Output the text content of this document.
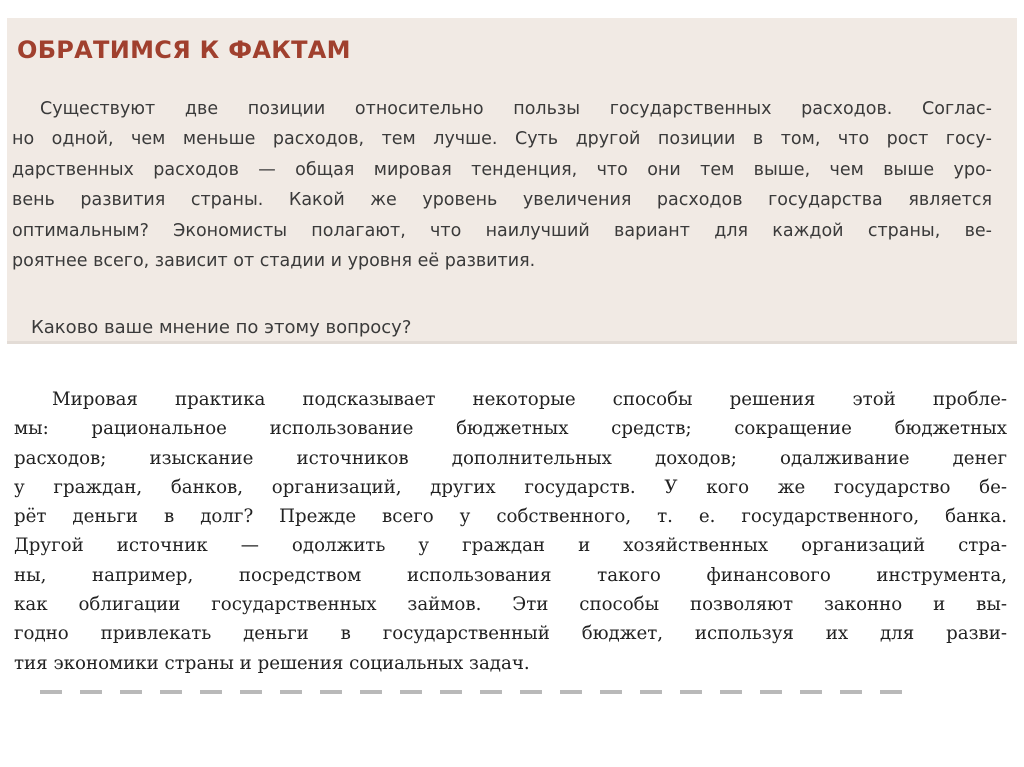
ОБРАТИМСЯ К ФАКТАМ
Существуют две позиции относительно пользы государственных расходов. Соглас-
но одной, чем меньше расходов, тем лучше. Суть другой позиции в том, что рост госу-
дарственных расходов — общая мировая тенденция, что они тем выше, чем выше уро-
вень развития страны. Какой же уровень увеличения расходов государства является
оптимальным? Экономисты полагают, что наилучший вариант для каждой страны, ве-
роятнее всего, зависит от стадии и уровня её развития.

Каково ваше мнение по этому вопросу?

Мировая практика подсказывает некоторые способы решения этой пробле-
мы: рациональное использование бюджетных средств; сокращение бюджетных
расходов; изыскание источников дополнительных доходов; одалживание денег
у граждан, банков, организаций, других государств. У кого же государство бе-
рёт деньги в долг? Прежде всего у собственного, т. е. государственного, банка.
Другой источник — одолжить у граждан и хозяйственных организаций стра-
ны, например, посредством использования такого финансового инструмента,
как облигации государственных займов. Эти способы позволяют законно и вы-
годно привлекать деньги в государственный бюджет, используя их для разви-
тия экономики страны и решения социальных задач.
